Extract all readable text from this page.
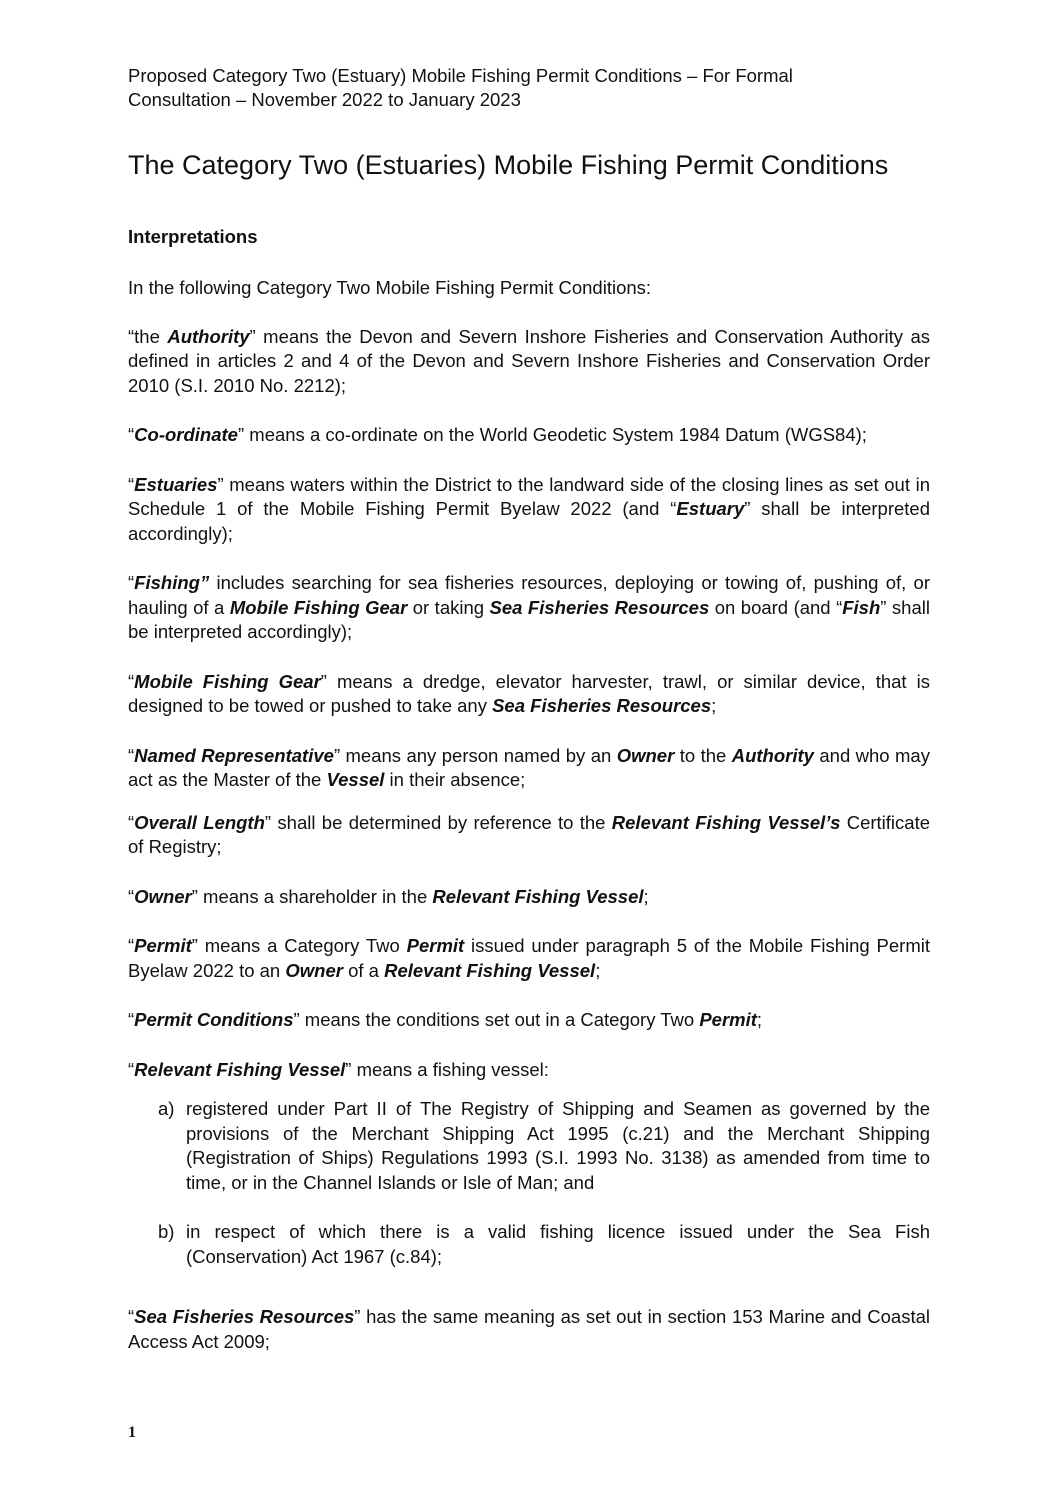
Proposed Category Two (Estuary) Mobile Fishing Permit Conditions – For Formal
Consultation – November 2022 to January 2023
The Category Two (Estuaries) Mobile Fishing Permit Conditions
Interpretations

In the following Category Two Mobile Fishing Permit Conditions:

“the Authority” means the Devon and Severn Inshore Fisheries and Conservation Authority as defined in articles 2 and 4 of the Devon and Severn Inshore Fisheries and Conservation Order 2010 (S.I. 2010 No. 2212);

“Co-ordinate” means a co-ordinate on the World Geodetic System 1984 Datum (WGS84);

“Estuaries” means waters within the District to the landward side of the closing lines as set out in Schedule 1 of the Mobile Fishing Permit Byelaw 2022 (and “Estuary” shall be interpreted accordingly);

“Fishing” includes searching for sea fisheries resources, deploying or towing of, pushing of, or hauling of a Mobile Fishing Gear or taking Sea Fisheries Resources on board (and “Fish” shall be interpreted accordingly);

“Mobile Fishing Gear” means a dredge, elevator harvester, trawl, or similar device, that is designed to be towed or pushed to take any Sea Fisheries Resources;

“Named Representative” means any person named by an Owner to the Authority and who may act as the Master of the Vessel in their absence;

“Overall Length” shall be determined by reference to the Relevant Fishing Vessel’s Certificate of Registry;

“Owner” means a shareholder in the Relevant Fishing Vessel;

“Permit” means a Category Two Permit issued under paragraph 5 of the Mobile Fishing Permit Byelaw 2022 to an Owner of a Relevant Fishing Vessel;

“Permit Conditions” means the conditions set out in a Category Two Permit;

“Relevant Fishing Vessel” means a fishing vessel:

a) registered under Part II of The Registry of Shipping and Seamen as governed by the provisions of the Merchant Shipping Act 1995 (c.21) and the Merchant Shipping (Registration of Ships) Regulations 1993 (S.I. 1993 No. 3138) as amended from time to time, or in the Channel Islands or Isle of Man; and
b) in respect of which there is a valid fishing licence issued under the Sea Fish (Conservation) Act 1967 (c.84);

“Sea Fisheries Resources” has the same meaning as set out in section 153 Marine and Coastal Access Act 2009;

1
